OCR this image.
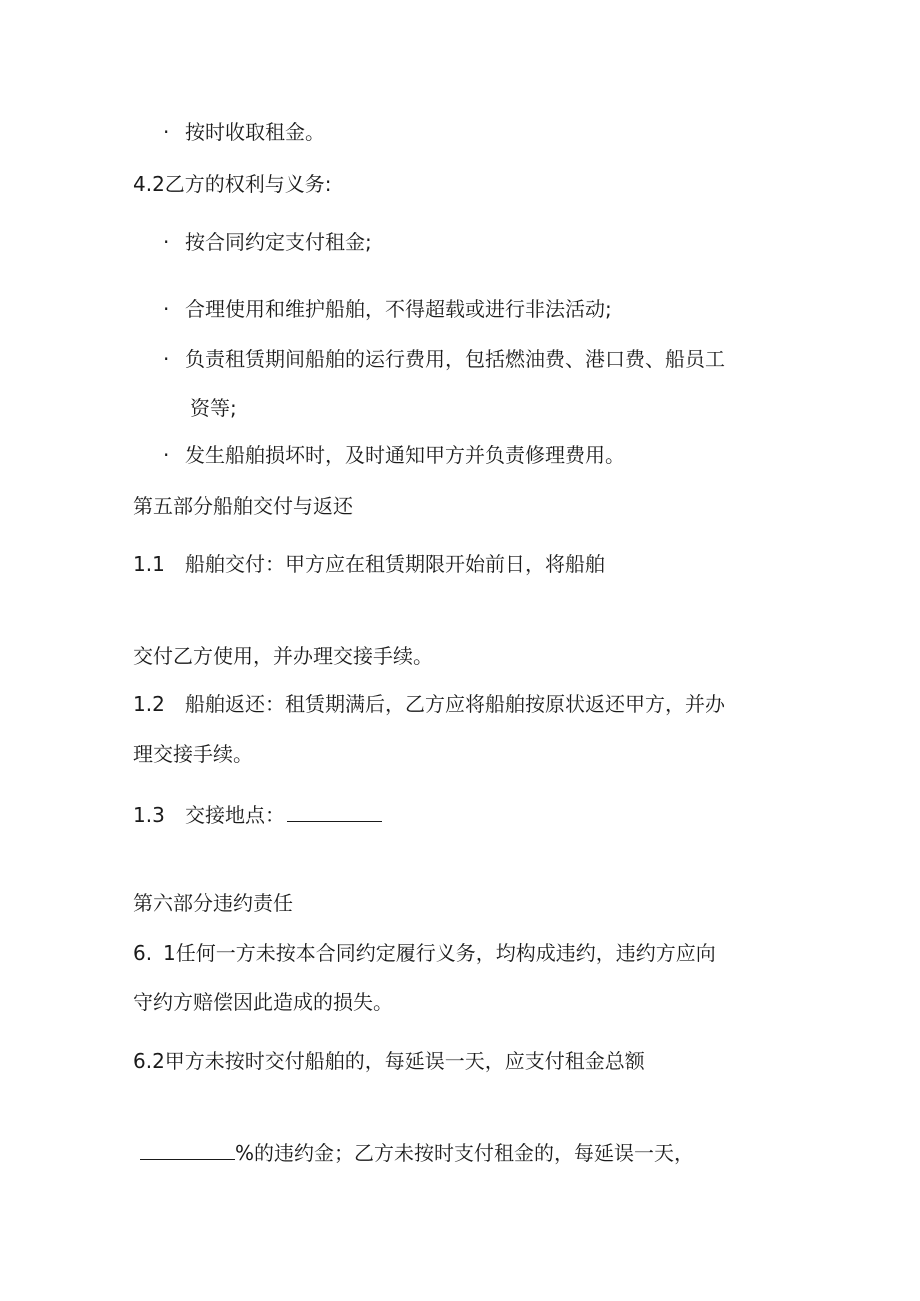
· 按时收取租金。

4.2乙方的权利与义务:

· 按合同约定支付租金;

· 合理使用和维护船舶，不得超载或进行非法活动;

· 负责租赁期间船舶的运行费用，包括燃油费、港口费、船员工

资等;

· 发生船舶损坏时，及时通知甲方并负责修理费用。

第五部分船舶交付与返还

1.1 船舶交付：甲方应在租赁期限开始前日，将船舶

交付乙方使用，并办理交接手续。

1.2 船舶返还：租赁期满后，乙方应将船舶按原状返还甲方，并办

理交接手续。

1.3 交接地点：

第六部分违约责任

6. 1任何一方未按本合同约定履行义务，均构成违约，违约方应向

守约方赔偿因此造成的损失。

6.2甲方未按时交付船舶的，每延误一天，应支付租金总额

%的违约金；乙方未按时支付租金的，每延误一天，
